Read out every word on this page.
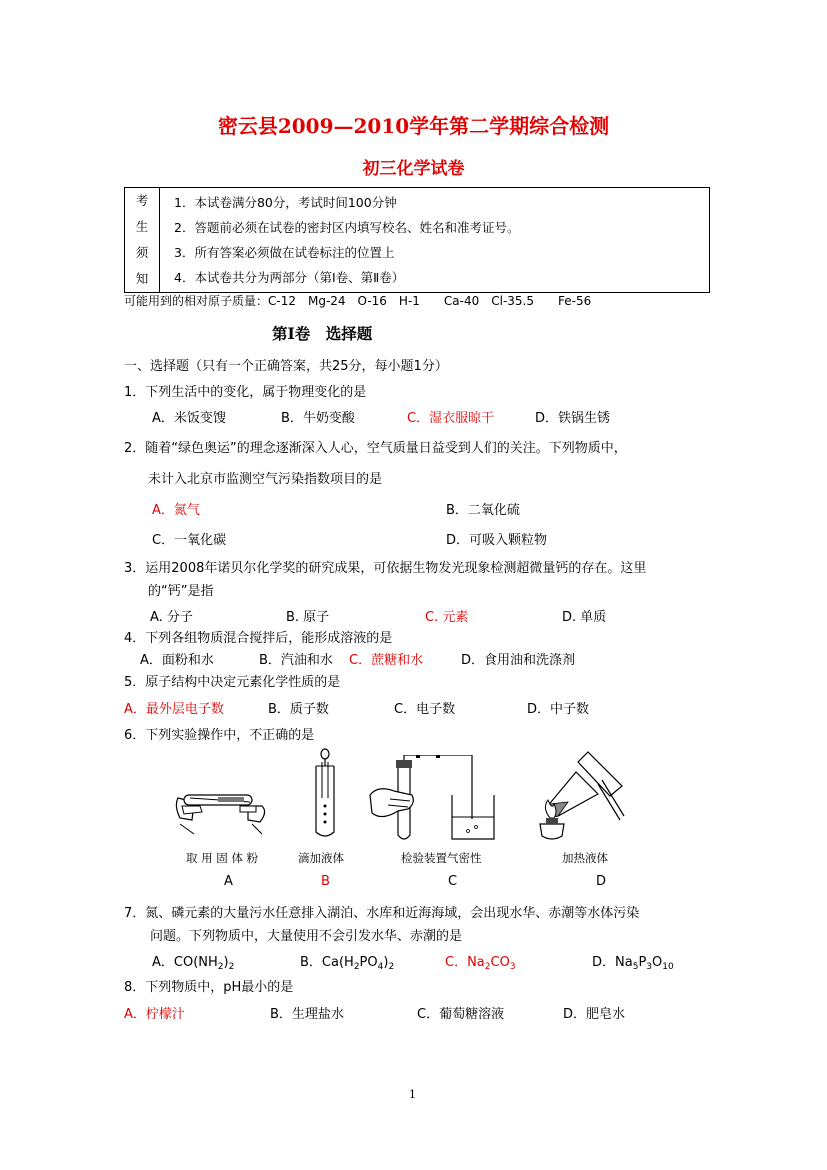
密云县2009—2010学年第二学期综合检测
初三化学试卷
考
生
须
知

1．本试卷满分80分，考试时间100分钟
2．答题前必须在试卷的密封区内填写校名、姓名和准考证号。
3．所有答案必须做在试卷标注的位置上
4．本试卷共分为两部分（第Ⅰ卷、第Ⅱ卷）
可能用到的相对原子质量：C-12　Mg-24　O-16　H-1　　Ca-40　Cl-35.5　　Fe-56
第Ⅰ卷　选择题
一、选择题（只有一个正确答案，共25分，每小题1分）
1．下列生活中的变化，属于物理变化的是
A．米饭变馊	B．牛奶变酸	C．湿衣服晾干	D．铁锅生锈
2．随着“绿色奥运”的理念逐渐深入人心，空气质量日益受到人们的关注。下列物质中，
未计入北京市监测空气污染指数项目的是
A．氮气	B．二氧化硫
C．一氧化碳	D．可吸入颗粒物
3．运用2008年诺贝尔化学奖的研究成果，可依据生物发光现象检测超微量钙的存在。这里
的“钙”是指
A. 分子	B. 原子	C. 元素	D. 单质
4．下列各组物质混合搅拌后，能形成溶液的是
A．面粉和水	B．汽油和水 C．蔗糖和水	D．食用油和洗涤剂
5．原子结构中决定元素化学性质的是
A．最外层电子数	B．质子数	C．电子数	D．中子数
6．下列实验操作中，不正确的是
取 用 固 体 粉	滴加液体	检验装置气密性	加热液体
A	B	C	D
7．氮、磷元素的大量污水任意排入湖泊、水库和近海海域，会出现水华、赤潮等水体污染
问题。下列物质中，大量使用不会引发水华、赤潮的是
A．$CO(NH_2)_2$	B．$Ca(H_2PO_4)_2$	C．$Na_2CO_3$	D．$Na_5P_3O_{10}$
8．下列物质中，pH最小的是
A．柠檬汁	B．生理盐水	C．葡萄糖溶液	D．肥皂水
1
